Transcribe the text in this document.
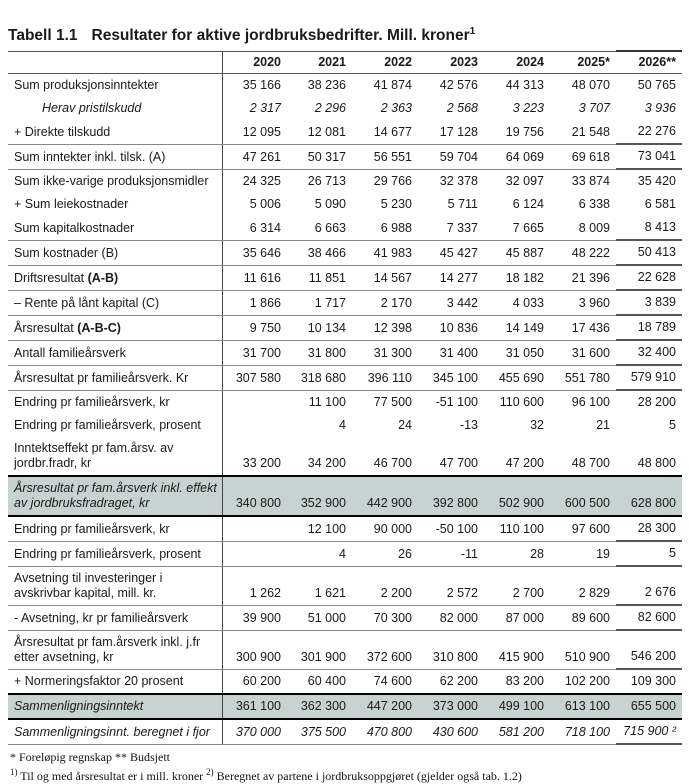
Tabell 1.1 Resultater for aktive jordbruksbedrifter. Mill. kroner$^1$
	2020	2021	2022	2023	2024	2025*	2026**

Sum produksjonsinntekter	35 166	38 236	41 874	42 576	44 313	48 070	50 765

Herav pristilskudd	2 317	2 296	2 363	2 568	3 223	3 707	3 936

+ Direkte tilskudd	12 095	12 081	14 677	17 128	19 756	21 548	22 276

Sum inntekter inkl. tilsk. (A)	47 261	50 317	56 551	59 704	64 069	69 618	73 041

Sum ikke-varige produksjonsmidler	24 325	26 713	29 766	32 378	32 097	33 874	35 420

+ Sum leiekostnader	5 006	5 090	5 230	5 711	6 124	6 338	6 581

Sum kapitalkostnader	6 314	6 663	6 988	7 337	7 665	8 009	8 413

Sum kostnader (B)	35 646	38 466	41 983	45 427	45 887	48 222	50 413

Driftsresultat (A-B)	11 616	11 851	14 567	14 277	18 182	21 396	22 628

– Rente på lånt kapital (C)	1 866	1 717	2 170	3 442	4 033	3 960	3 839

Årsresultat (A-B-C)	9 750	10 134	12 398	10 836	14 149	17 436	18 789

Antall familieårsverk	31 700	31 800	31 300	31 400	31 050	31 600	32 400

Årsresultat pr familieårsverk. Kr	307 580	318 680	396 110	345 100	455 690	551 780	579 910

Endring pr familieårsverk, kr		11 100	77 500	-51 100	110 600	96 100	28 200

Endring pr familieårsverk, prosent		4	24	-13	32	21	5

Inntektseffekt pr fam.årsv. av
jordbr.fradr, kr	33 200	34 200	46 700	47 700	47 200	48 700	48 800

Årsresultat pr fam.årsverk inkl. effekt
av jordbruksfradraget, kr	340 800	352 900	442 900	392 800	502 900	600 500	628 800

Endring pr familieårsverk, kr		12 100	90 000	-50 100	110 100	97 600	28 300

Endring pr familieårsverk, prosent		4	26	-11	28	19	5

Avsetning til investeringer i
avskrivbar kapital, mill. kr.	1 262	1 621	2 200	2 572	2 700	2 829	2 676

- Avsetning, kr pr familieårsverk	39 900	51 000	70 300	82 000	87 000	89 600	82 600

Årsresultat pr fam.årsverk inkl. j.fr
etter avsetning, kr	300 900	301 900	372 600	310 800	415 900	510 900	546 200

+ Normeringsfaktor 20 prosent	60 200	60 400	74 600	62 200	83 200	102 200	109 300

Sammenligningsinntekt	361 100	362 300	447 200	373 000	499 100	613 100	655 500

Sammenligningsinnt. beregnet i fjor	370 000	375 500	470 800	430 600	581 200	718 100	715 900 ²
* Foreløpig regnskap ** Budsjett
$^{1)}$ Til og med årsresultat er i mill. kroner $^{2)}$ Beregnet av partene i jordbruksoppgjøret (gjelder også tab. 1.2)
